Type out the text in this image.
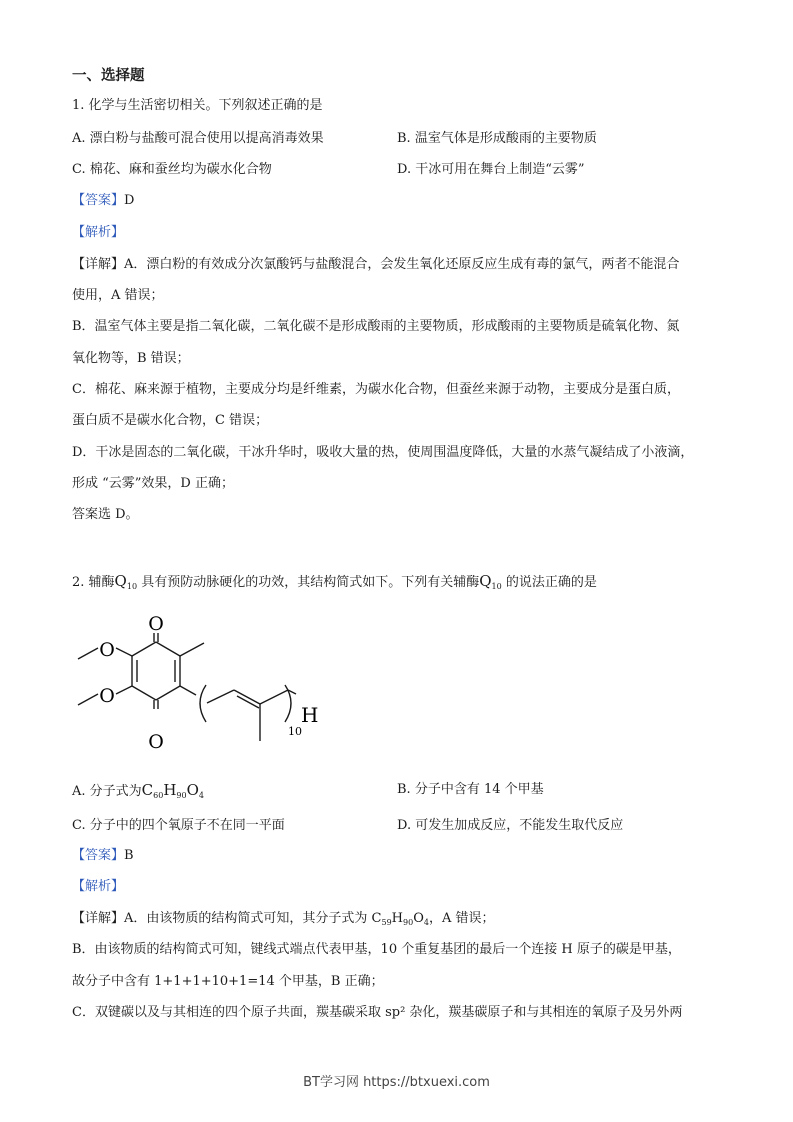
一、选择题
1. 化学与生活密切相关。下列叙述正确的是
A. 漂白粉与盐酸可混合使用以提高消毒效果	B. 温室气体是形成酸雨的主要物质
C. 棉花、麻和蚕丝均为碳水化合物	D. 干冰可用在舞台上制造“云雾”
【答案】D
【解析】
【详解】A．漂白粉的有效成分次氯酸钙与盐酸混合，会发生氧化还原反应生成有毒的氯气，两者不能混合
使用，A 错误；
B．温室气体主要是指二氧化碳，二氧化碳不是形成酸雨的主要物质，形成酸雨的主要物质是硫氧化物、氮
氧化物等，B 错误；
C．棉花、麻来源于植物，主要成分均是纤维素，为碳水化合物，但蚕丝来源于动物，主要成分是蛋白质，
蛋白质不是碳水化合物，C 错误；
D．干冰是固态的二氧化碳，干冰升华时，吸收大量的热，使周围温度降低，大量的水蒸气凝结成了小液滴，
形成 “云雾”效果，D 正确；
答案选 D。
2. 辅酶$Q_{10}$ 具有预防动脉硬化的功效，其结构简式如下。下列有关辅酶$Q_{10}$ 的说法正确的是
O
O
O
O
H
10
A. 分子式为$C_{60}H_{90}O_4$	B. 分子中含有 14 个甲基
C. 分子中的四个氧原子不在同一平面	D. 可发生加成反应，不能发生取代反应
【答案】B
【解析】
【详解】A．由该物质的结构简式可知，其分子式为 $C_{59}H_{90}O_4$，A 错误；
B．由该物质的结构简式可知，键线式端点代表甲基，10 个重复基团的最后一个连接 H 原子的碳是甲基，
故分子中含有 1+1+1+10+1=14 个甲基，B 正确；
C．双键碳以及与其相连的四个原子共面，羰基碳采取 sp² 杂化，羰基碳原子和与其相连的氧原子及另外两
BT学习网 https://btxuexi.com
